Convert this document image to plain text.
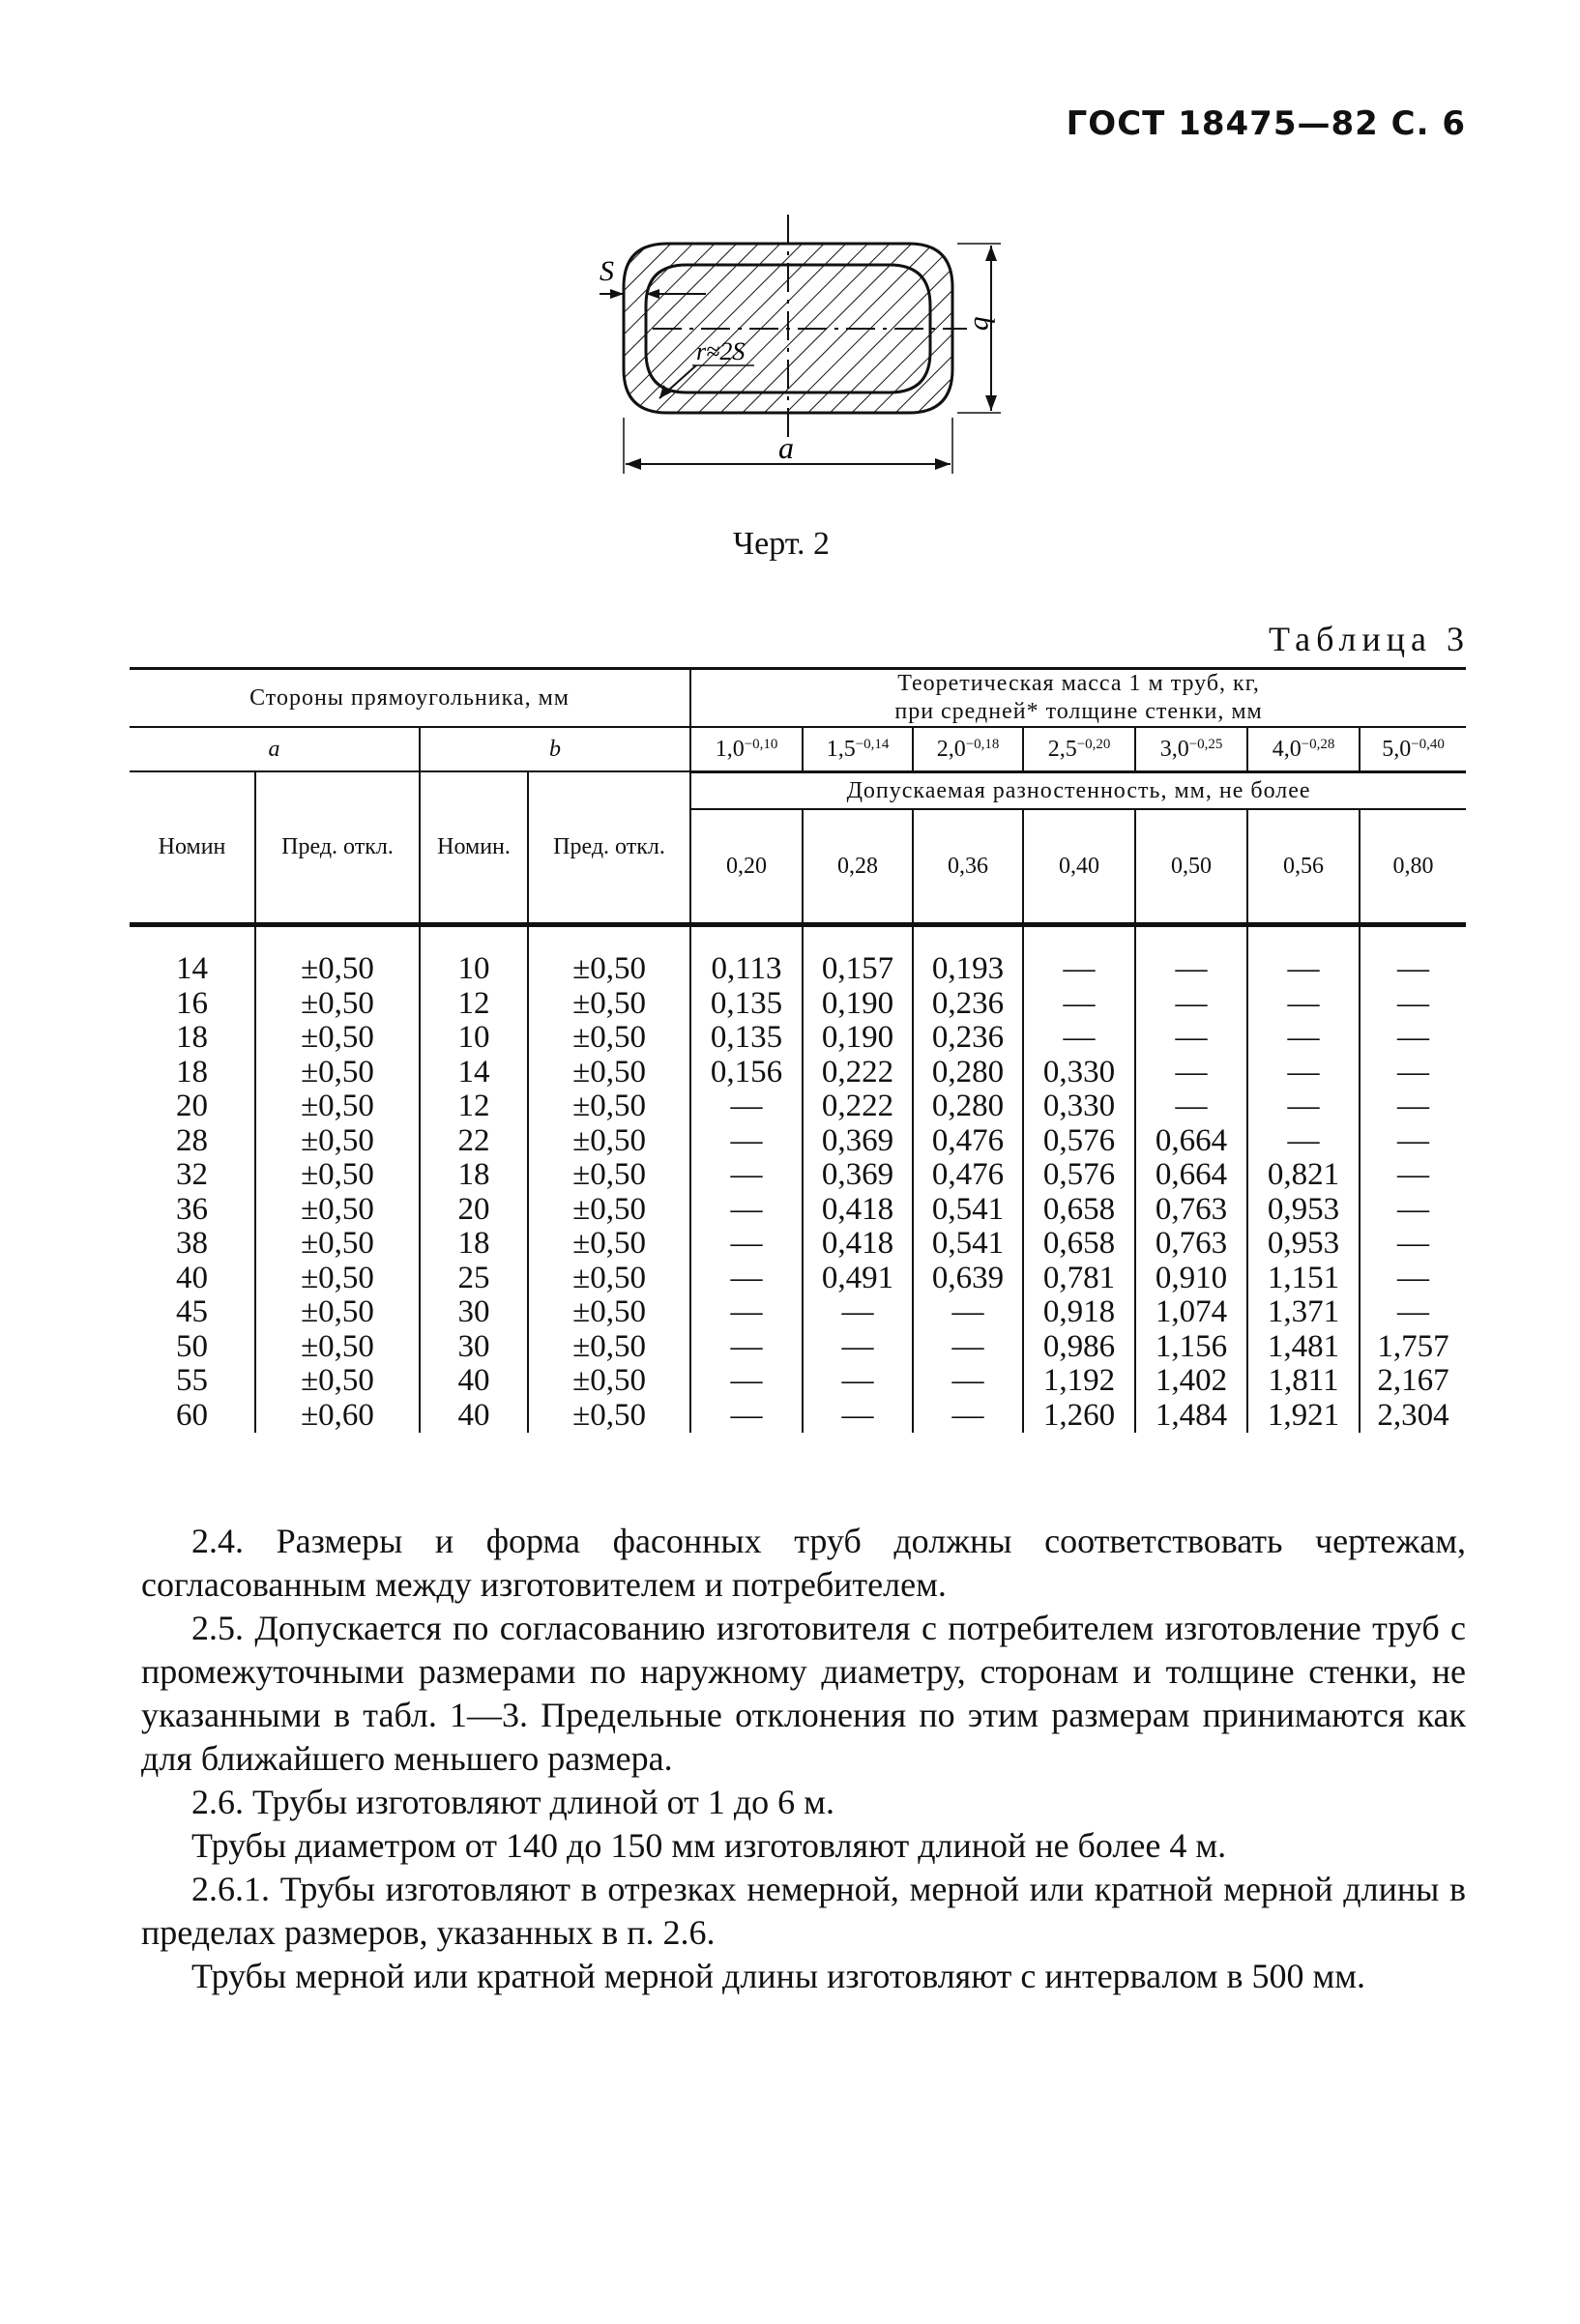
ГОСТ 18475—82 С. 6
b
a
S
r≈2S
Черт. 2
Таблица 3
Стороны прямоугольника, мм				Теоретическая масса 1 м труб, кг,
при средней* толщине стенки, мм						

a		b		$1,0^{-0,10}$	$1,5^{-0,14}$	$2,0^{-0,18}$	$2,5^{-0,20}$	$3,0^{-0,25}$	$4,0^{-0,28}$	$5,0^{-0,40}$
Номин	Пред. откл.	Номин.	Пред. откл.							
				Допускаемая разностенность, мм, не более						
				0,20	0,28	0,36	0,40	0,50	0,56	0,80

14	±0,50	10	±0,50	0,113	0,157	0,193	—	—	—	—
16	±0,50	12	±0,50	0,135	0,190	0,236	—	—	—	—
18	±0,50	10	±0,50	0,135	0,190	0,236	—	—	—	—
18	±0,50	14	±0,50	0,156	0,222	0,280	0,330	—	—	—
20	±0,50	12	±0,50	—	0,222	0,280	0,330	—	—	—
28	±0,50	22	±0,50	—	0,369	0,476	0,576	0,664	—	—
32	±0,50	18	±0,50	—	0,369	0,476	0,576	0,664	0,821	—
36	±0,50	20	±0,50	—	0,418	0,541	0,658	0,763	0,953	—
38	±0,50	18	±0,50	—	0,418	0,541	0,658	0,763	0,953	—
40	±0,50	25	±0,50	—	0,491	0,639	0,781	0,910	1,151	—
45	±0,50	30	±0,50	—	—	—	0,918	1,074	1,371	—
50	±0,50	30	±0,50	—	—	—	0,986	1,156	1,481	1,757
55	±0,50	40	±0,50	—	—	—	1,192	1,402	1,811	2,167
60	±0,60	40	±0,50	—	—	—	1,260	1,484	1,921	2,304

2.4. Размеры и форма фасонных труб должны соответствовать чертежам, согласованным между изготовителем и потребителем.

2.5. Допускается по согласованию изготовителя с потребителем изготовление труб с промежуточными размерами по наружному диаметру, сторонам и толщине стенки, не указанными в табл. 1—3. Предельные отклонения по этим размерам принимаются как для ближайшего меньшего размера.

2.6. Трубы изготовляют длиной от 1 до 6 м.

Трубы диаметром от 140 до 150 мм изготовляют длиной не более 4 м.

2.6.1. Трубы изготовляют в отрезках немерной, мерной или кратной мерной длины в пределах размеров, указанных в п. 2.6.

Трубы мерной или кратной мерной длины изготовляют с интервалом в 500 мм.
